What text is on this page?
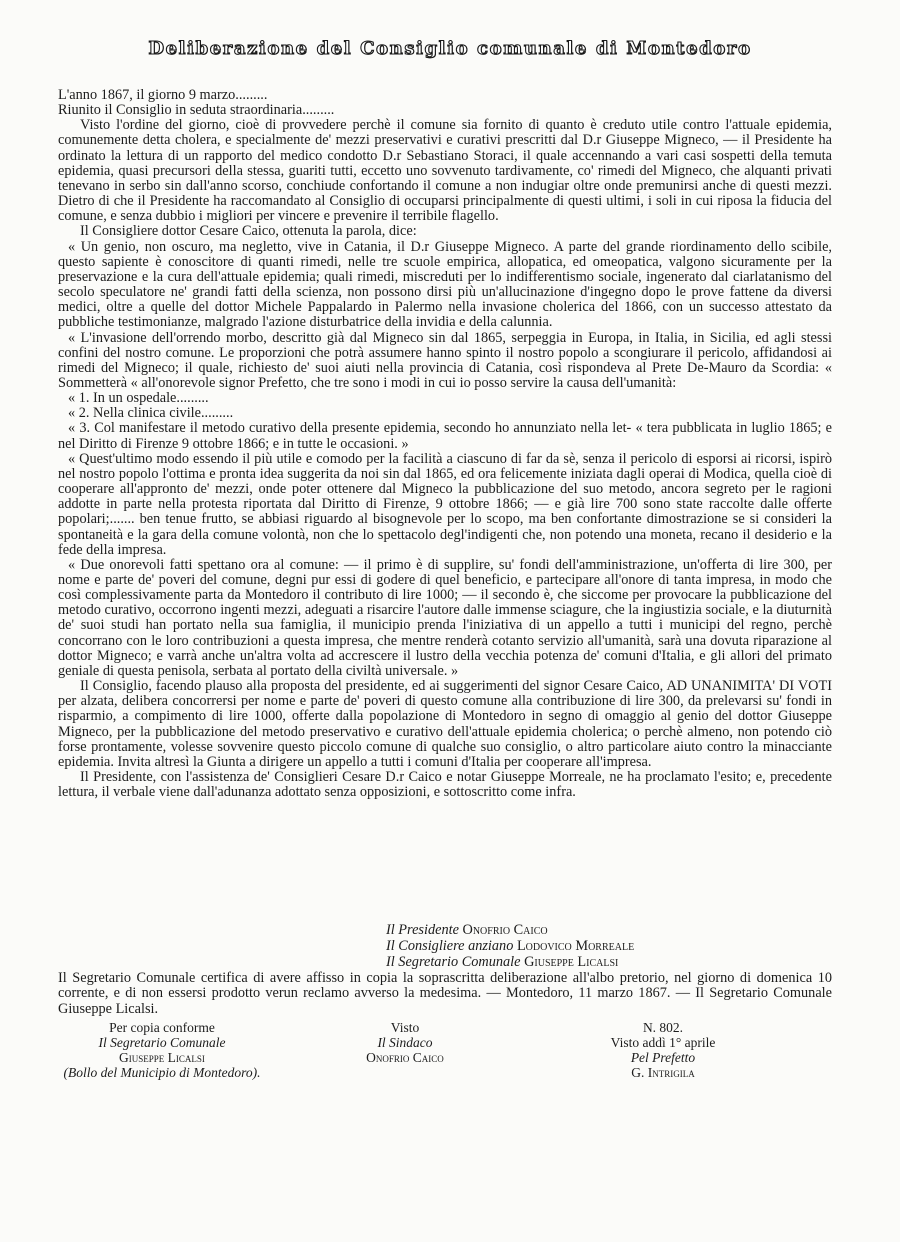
Deliberazione del Consiglio comunale di Montedoro

L'anno 1867, il giorno 9 marzo.........

Riunito il Consiglio in seduta straordinaria.........

Visto l'ordine del giorno, cioè di provvedere perchè il comune sia fornito di quanto è creduto utile contro l'attuale epidemia, comunemente detta cholera, e specialmente de' mezzi preservativi e curativi prescritti dal D.r Giuseppe Migneco, — il Presidente ha ordinato la lettura di un rapporto del medico condotto D.r Sebastiano Storaci, il quale accennando a vari casi sospetti della temuta epidemia, quasi precursori della stessa, guariti tutti, eccetto uno sovvenuto tardivamente, co' rimedi del Migneco, che alquanti privati tenevano in serbo sin dall'anno scorso, conchiude confortando il comune a non indugiar oltre onde premunirsi anche di questi mezzi. Dietro di che il Presidente ha raccomandato al Consiglio di occuparsi principalmente di questi ultimi, i soli in cui riposa la fiducia del comune, e senza dubbio i migliori per vincere e prevenire il terribile flagello.

Il Consigliere dottor Cesare Caico, ottenuta la parola, dice:

« Un genio, non oscuro, ma negletto, vive in Catania, il D.r Giuseppe Migneco. A parte del grande riordinamento dello scibile, questo sapiente è conoscitore di quanti rimedi, nelle tre scuole empirica, allopatica, ed omeopatica, valgono sicuramente per la preservazione e la cura dell'attuale epidemia; quali rimedi, miscreduti per lo indifferentismo sociale, ingenerato dal ciarlatanismo del secolo speculatore ne' grandi fatti della scienza, non possono dirsi più un'allucinazione d'ingegno dopo le prove fattene da diversi medici, oltre a quelle del dottor Michele Pappalardo in Palermo nella invasione cholerica del 1866, con un successo attestato da pubbliche testimonianze, malgrado l'azione disturbatrice della invidia e della calunnia.

« L'invasione dell'orrendo morbo, descritto già dal Migneco sin dal 1865, serpeggia in Europa, in Italia, in Sicilia, ed agli stessi confini del nostro comune. Le proporzioni che potrà assumere hanno spinto il nostro popolo a scongiurare il pericolo, affidandosi ai rimedi del Migneco; il quale, richiesto de' suoi aiuti nella provincia di Catania, così rispondeva al Prete De-Mauro da Scordia: « Sommetterà « all'onorevole signor Prefetto, che tre sono i modi in cui io posso servire la causa dell'umanità:

« 1. In un ospedale.........

« 2. Nella clinica civile.........

« 3. Col manifestare il metodo curativo della presente epidemia, secondo ho annunziato nella let- « tera pubblicata in luglio 1865; e nel Diritto di Firenze 9 ottobre 1866; e in tutte le occasioni. »

« Quest'ultimo modo essendo il più utile e comodo per la facilità a ciascuno di far da sè, senza il pericolo di esporsi ai ricorsi, ispirò nel nostro popolo l'ottima e pronta idea suggerita da noi sin dal 1865, ed ora felicemente iniziata dagli operai di Modica, quella cioè di cooperare all'appronto de' mezzi, onde poter ottenere dal Migneco la pubblicazione del suo metodo, ancora segreto per le ragioni addotte in parte nella protesta riportata dal Diritto di Firenze, 9 ottobre 1866; — e già lire 700 sono state raccolte dalle offerte popolari;....... ben tenue frutto, se abbiasi riguardo al bisognevole per lo scopo, ma ben confortante dimostrazione se si consideri la spontaneità e la gara della comune volontà, non che lo spettacolo degl'indigenti che, non potendo una moneta, recano il desiderio e la fede della impresa.

« Due onorevoli fatti spettano ora al comune: — il primo è di supplire, su' fondi dell'amministrazione, un'offerta di lire 300, per nome e parte de' poveri del comune, degni pur essi di godere di quel beneficio, e partecipare all'onore di tanta impresa, in modo che così complessivamente parta da Montedoro il contributo di lire 1000; — il secondo è, che siccome per provocare la pubblicazione del metodo curativo, occorrono ingenti mezzi, adeguati a risarcire l'autore dalle immense sciagure, che la ingiustizia sociale, e la diuturnità de' suoi studi han portato nella sua famiglia, il municipio prenda l'iniziativa di un appello a tutti i municipi del regno, perchè concorrano con le loro contribuzioni a questa impresa, che mentre renderà cotanto servizio all'umanità, sarà una dovuta riparazione al dottor Migneco; e varrà anche un'altra volta ad accrescere il lustro della vecchia potenza de' comuni d'Italia, e gli allori del primato geniale di questa penisola, serbata al portato della civiltà universale. »

Il Consiglio, facendo plauso alla proposta del presidente, ed ai suggerimenti del signor Cesare Caico, AD UNANIMITA' DI VOTI per alzata, delibera concorrersi per nome e parte de' poveri di questo comune alla contribuzione di lire 300, da prelevarsi su' fondi in risparmio, a compimento di lire 1000, offerte dalla popolazione di Montedoro in segno di omaggio al genio del dottor Giuseppe Migneco, per la pubblicazione del metodo preservativo e curativo dell'attuale epidemia cholerica; o perchè almeno, non potendo ciò forse prontamente, volesse sovvenire questo piccolo comune di qualche suo consiglio, o altro particolare aiuto contro la minacciante epidemia. Invita altresì la Giunta a dirigere un appello a tutti i comuni d'Italia per cooperare all'impresa.

Il Presidente, con l'assistenza de' Consiglieri Cesare D.r Caico e notar Giuseppe Morreale, ne ha proclamato l'esito; e, precedente lettura, il verbale viene dall'adunanza adottato senza opposizioni, e sottoscritto come infra.

Il Presidente Onofrio Caico
Il Consigliere anziano Lodovico Morreale
Il Segretario Comunale Giuseppe Licalsi
Il Segretario Comunale certifica di avere affisso in copia la soprascritta deliberazione all'albo pretorio, nel giorno di domenica 10 corrente, e di non essersi prodotto verun reclamo avverso la medesima. — Montedoro, 11 marzo 1867. — Il Segretario Comunale Giuseppe Licalsi.
Per copia conforme
Il Segretario Comunale
Giuseppe Licalsi
(Bollo del Municipio di Montedoro).
Visto
Il Sindaco
Onofrio Caico
N. 802.
Visto addì 1° aprile
Pel Prefetto
G. Intrigila
